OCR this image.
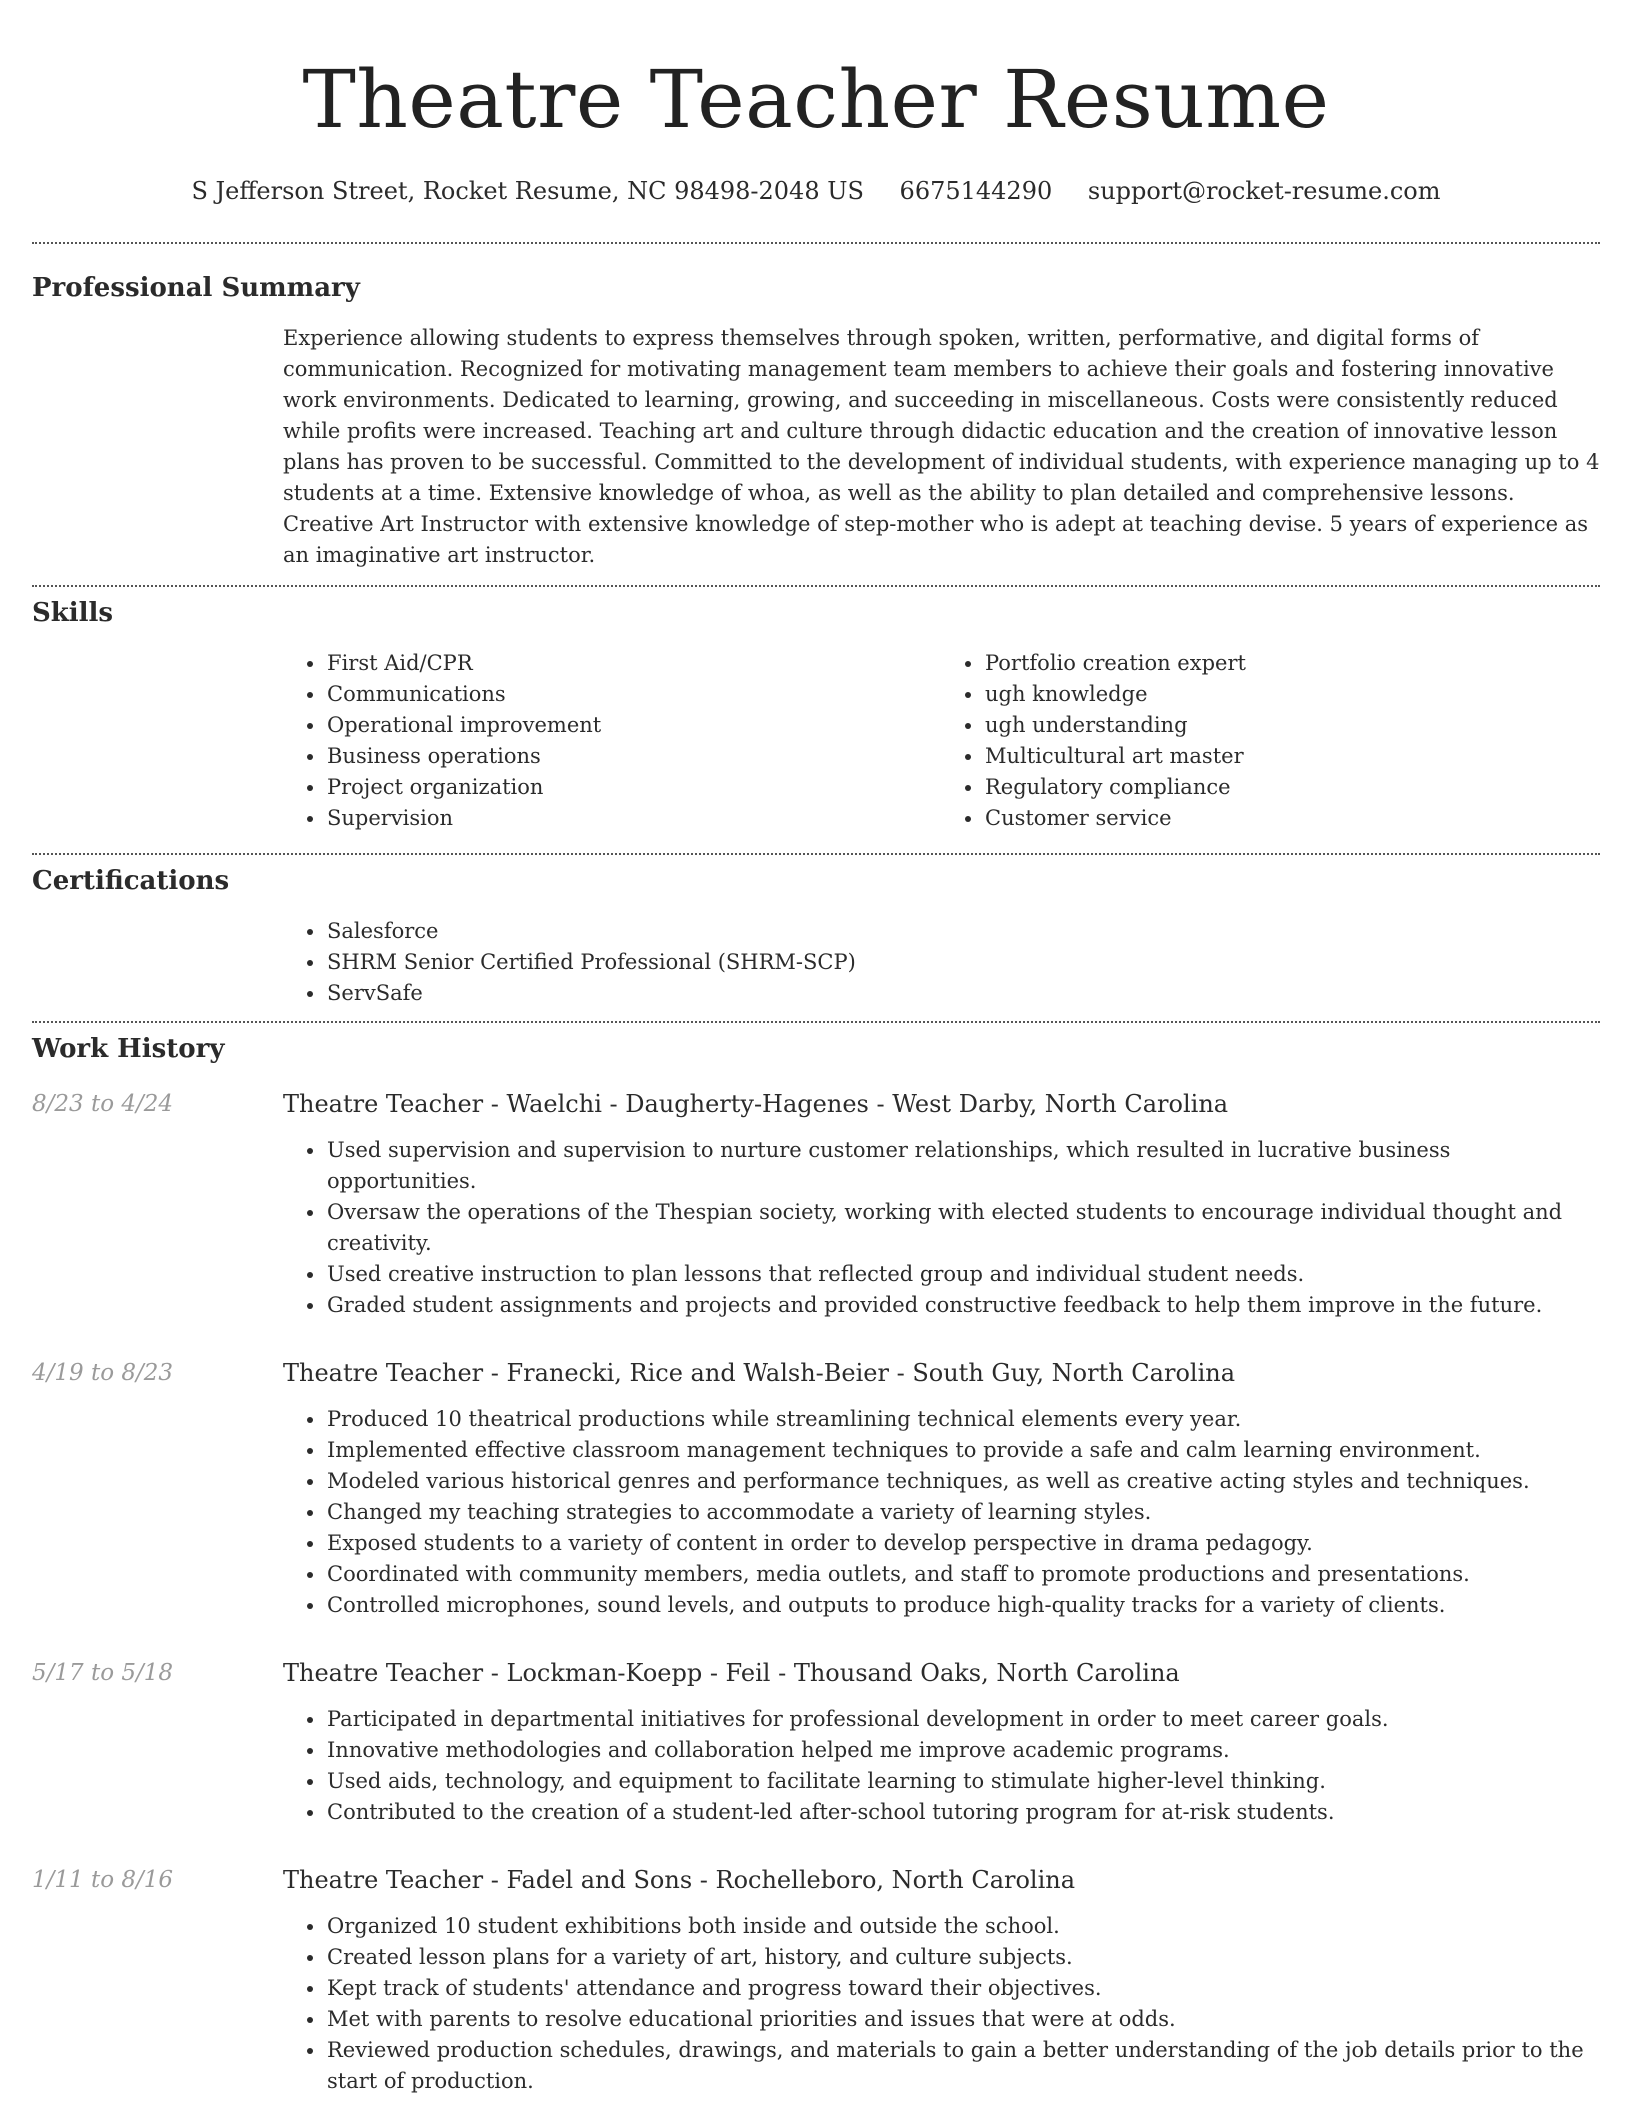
Theatre Teacher Resume
S Jefferson Street, Rocket Resume, NC 98498-2048 US 6675144290 support@rocket-resume.com
Professional Summary

Experience allowing students to express themselves through spoken, written, performative, and digital forms of communication. Recognized for motivating management team members to achieve their goals and fostering innovative work environments. Dedicated to learning, growing, and succeeding in miscellaneous. Costs were consistently reduced while profits were increased. Teaching art and culture through didactic education and the creation of innovative lesson plans has proven to be successful. Committed to the development of individual students, with experience managing up to 4 students at a time. Extensive knowledge of whoa, as well as the ability to plan detailed and comprehensive lessons. Creative Art Instructor with extensive knowledge of step-mother who is adept at teaching devise. 5 years of experience as an imaginative art instructor.

Skills
• First Aid/CPR
• Communications
• Operational improvement
• Business operations
• Project organization
• Supervision
• Portfolio creation expert
• ugh knowledge
• ugh understanding
• Multicultural art master
• Regulatory compliance
• Customer service
Certifications
• Salesforce
• SHRM Senior Certified Professional (SHRM-SCP)
• ServSafe
Work History
8/23 to 4/24	Theatre Teacher - Waelchi - Daugherty-Hagenes - West Darby, North Carolina
• Used supervision and supervision to nurture customer relationships, which resulted in lucrative business opportunities.
• Oversaw the operations of the Thespian society, working with elected students to encourage individual thought and creativity.
• Used creative instruction to plan lessons that reflected group and individual student needs.
• Graded student assignments and projects and provided constructive feedback to help them improve in the future.
4/19 to 8/23	Theatre Teacher - Franecki, Rice and Walsh-Beier - South Guy, North Carolina
• Produced 10 theatrical productions while streamlining technical elements every year.
• Implemented effective classroom management techniques to provide a safe and calm learning environment.
• Modeled various historical genres and performance techniques, as well as creative acting styles and techniques.
• Changed my teaching strategies to accommodate a variety of learning styles.
• Exposed students to a variety of content in order to develop perspective in drama pedagogy.
• Coordinated with community members, media outlets, and staff to promote productions and presentations.
• Controlled microphones, sound levels, and outputs to produce high-quality tracks for a variety of clients.
5/17 to 5/18	Theatre Teacher - Lockman-Koepp - Feil - Thousand Oaks, North Carolina
• Participated in departmental initiatives for professional development in order to meet career goals.
• Innovative methodologies and collaboration helped me improve academic programs.
• Used aids, technology, and equipment to facilitate learning to stimulate higher-level thinking.
• Contributed to the creation of a student-led after-school tutoring program for at-risk students.
1/11 to 8/16	Theatre Teacher - Fadel and Sons - Rochelleboro, North Carolina
• Organized 10 student exhibitions both inside and outside the school.
• Created lesson plans for a variety of art, history, and culture subjects.
• Kept track of students' attendance and progress toward their objectives.
• Met with parents to resolve educational priorities and issues that were at odds.
• Reviewed production schedules, drawings, and materials to gain a better understanding of the job details prior to the start of production.
